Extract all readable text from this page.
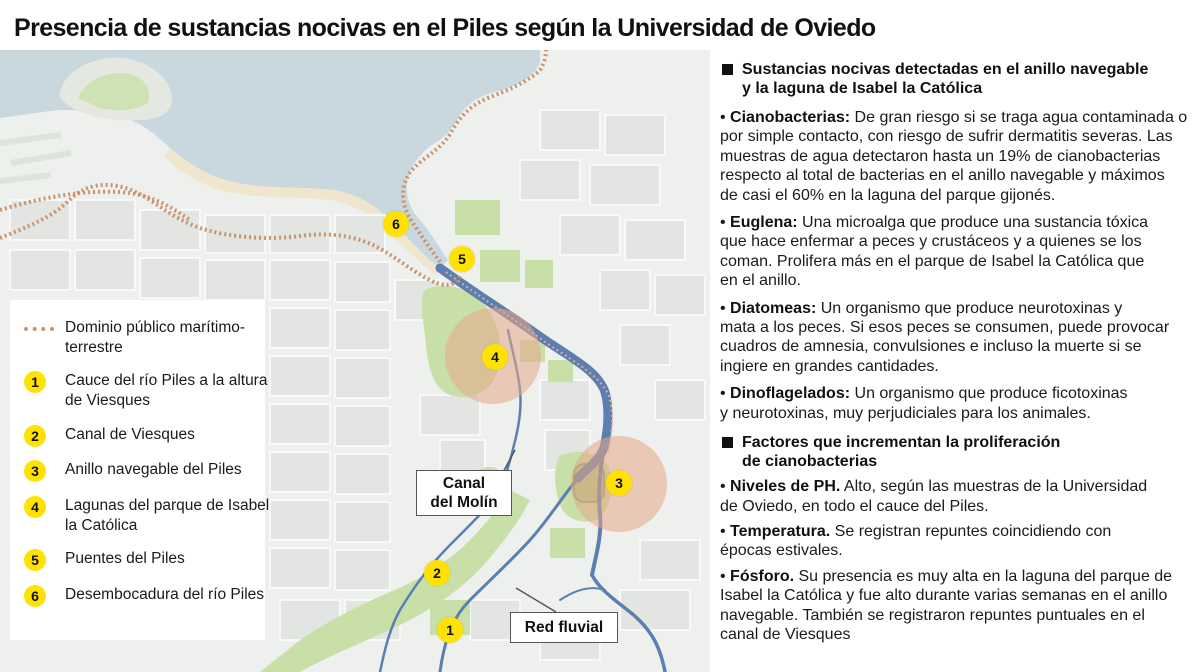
Presencia de sustancias nocivas en el Piles según la Universidad de Oviedo
1
2
3
4
5
6
Canal
del Molín
Red fluvial
Dominio público marítimo-terrestre
1	Cauce del río Piles a la altura de Viesques
2	Canal de Viesques
3	Anillo navegable del Piles
4	Lagunas del parque de Isabel la Católica
5	Puentes del Piles
6	Desembocadura del río Piles
Sustancias nocivas detectadas en el anillo navegable
y la laguna de Isabel la Católica

• Cianobacterias: De gran riesgo si se traga agua contaminada o
por simple contacto, con riesgo de sufrir dermatitis severas. Las
muestras de agua detectaron hasta un 19% de cianobacterias
respecto al total de bacterias en el anillo navegable y máximos
de casi el 60% en la laguna del parque gijonés.

• Euglena: Una microalga que produce una sustancia tóxica
que hace enfermar a peces y crustáceos y a quienes se los
coman. Prolifera más en el parque de Isabel la Católica que
en el anillo.

• Diatomeas: Un organismo que produce neurotoxinas y
mata a los peces. Si esos peces se consumen, puede provocar
cuadros de amnesia, convulsiones e incluso la muerte si se
ingiere en grandes cantidades.

• Dinoflagelados: Un organismo que produce ficotoxinas
y neurotoxinas, muy perjudiciales para los animales.

Factores que incrementan la proliferación
de cianobacterias

• Niveles de PH. Alto, según las muestras de la Universidad
de Oviedo, en todo el cauce del Piles.

• Temperatura. Se registran repuntes coincidiendo con
épocas estivales.

• Fósforo. Su presencia es muy alta en la laguna del parque de
Isabel la Católica y fue alto durante varias semanas en el anillo
navegable. También se registraron repuntes puntuales en el
canal de Viesques
